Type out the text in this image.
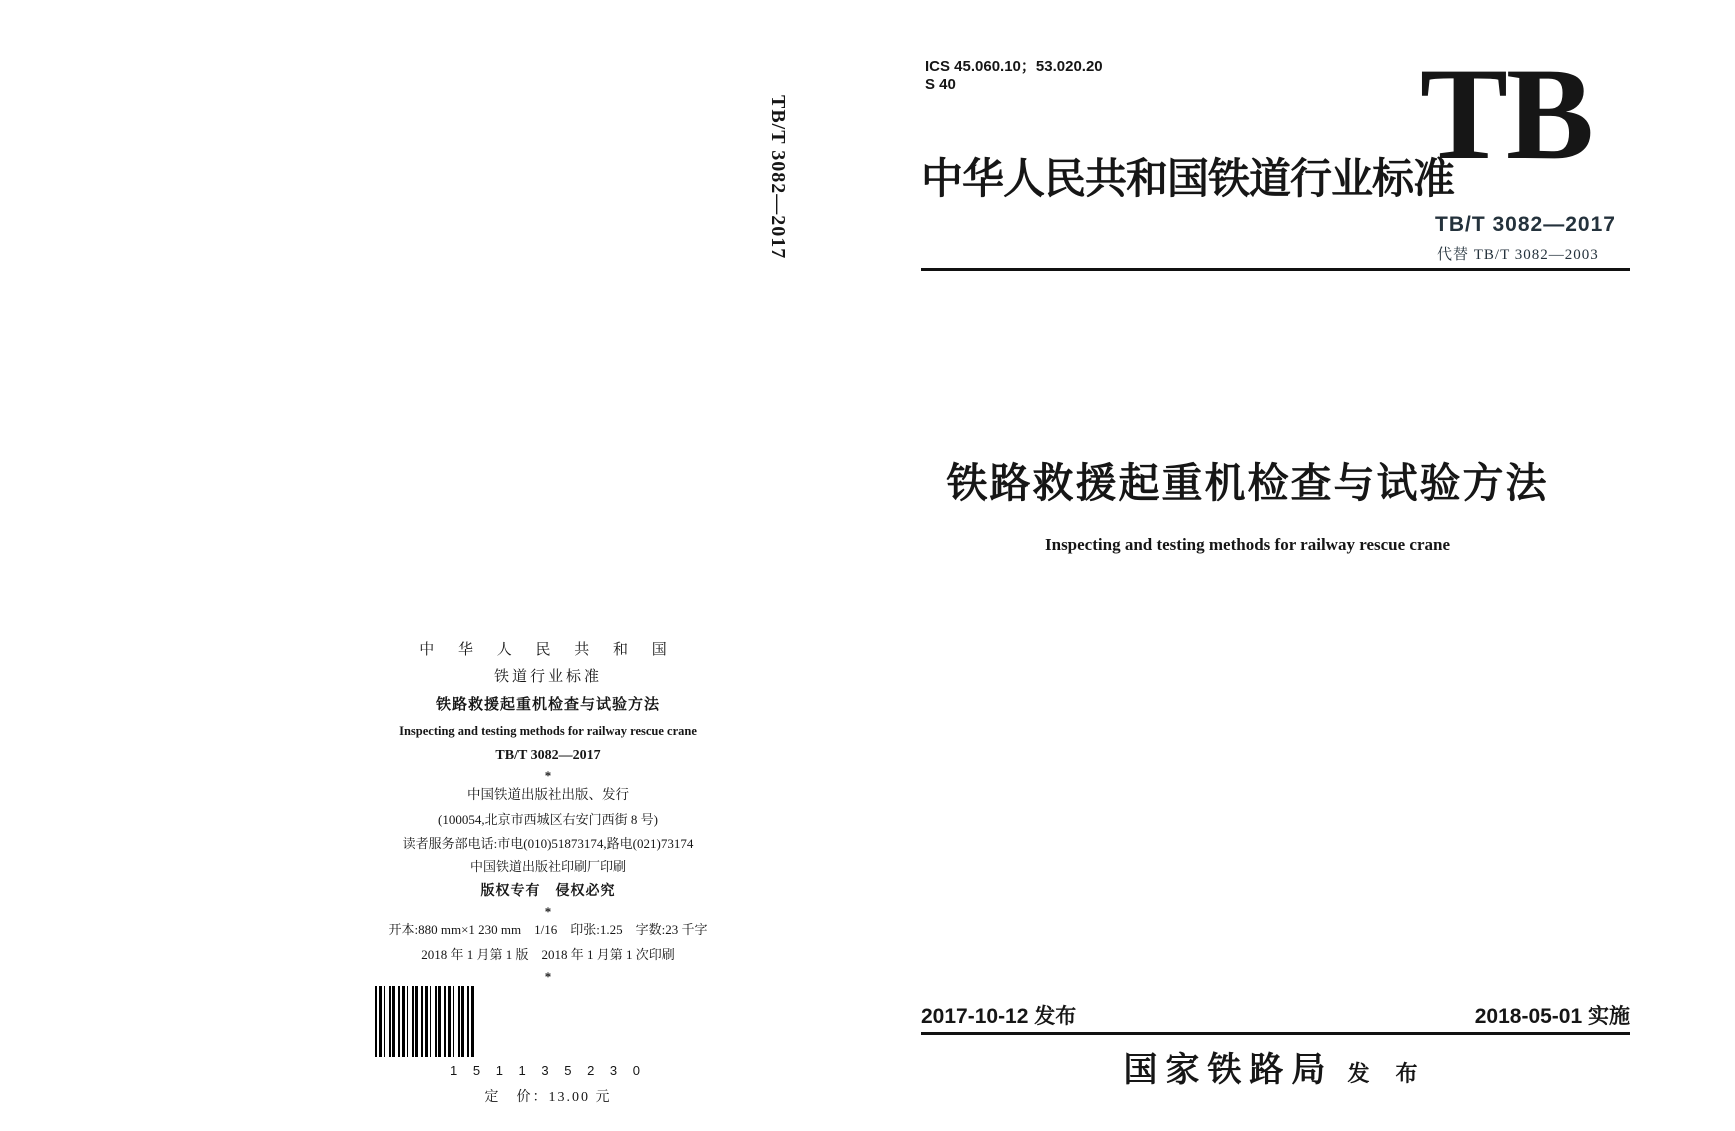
TB/T 3082—2017
中 华 人 民 共 和 国
铁道行业标准
铁路救援起重机检查与试验方法
Inspecting and testing methods for railway rescue crane
TB/T 3082—2017
*
中国铁道出版社出版、发行
(100054,北京市西城区右安门西街 8 号)
读者服务部电话:市电(010)51873174,路电(021)73174
中国铁道出版社印刷厂印刷
版权专有　侵权必究
*
开本:880 mm×1 230 mm　1/16　印张:1.25　字数:23 千字
2018 年 1 月第 1 版　2018 年 1 月第 1 次印刷
*
1 5 1 1 3 5 2 3 0
定　价：13.00 元
ICS 45.060.10；53.020.20
S 40
	TB
中华人民共和国铁道行业标准
TB/T 3082—2017
代替 TB/T 3082—2003
铁路救援起重机检查与试验方法
Inspecting and testing methods for railway rescue crane
2017-10-12 发布	2018-05-01 实施
国家铁路局 发 布
